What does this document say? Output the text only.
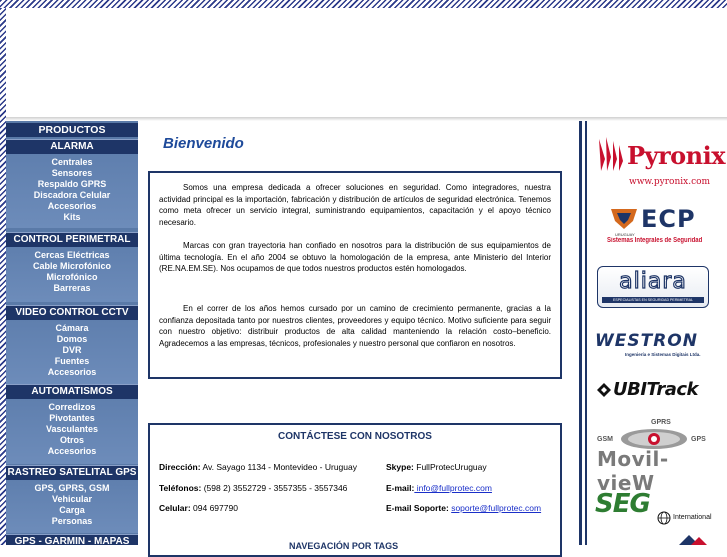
PRODUCTOS
ALARMA
Centrales
Sensores
Respaldo GPRS
Discadora Celular
Accesorios
Kits
CONTROL PERIMETRAL
Cercas Eléctricas
Cable Microfónico
Microfónico
Barreras
VIDEO CONTROL CCTV
Cámara
Domos
DVR
Fuentes
Accesorios
AUTOMATISMOS
Corredizos
Pivotantes
Vasculantes
Otros
Accesorios
RASTREO SATELITAL GPS
GPS, GPRS, GSM
Vehicular
Carga
Personas
GPS - GARMIN - MAPAS
Bienvenido

Somos una empresa dedicada a ofrecer soluciones en seguridad. Como integradores, nuestra actividad principal es la importación, fabricación y distribución de artículos de seguridad electrónica. Tenemos como meta ofrecer un servicio integral, suministrando equipamientos, capacitación y el apoyo técnico necesario.

Marcas con gran trayectoria han confiado en nosotros para la distribución de sus equipamientos de última tecnología. En el año 2004 se obtuvo la homologación de la empresa, ante Ministerio del Interior (RE.NA.EM.SE). Nos ocupamos de que todos nuestros productos estén homologados.

En el correr de los años hemos cursado por un camino de crecimiento permanente, gracias a la confianza depositada tanto por nuestros clientes, proveedores y equipo técnico. Motivo suficiente para seguir con nuestro objetivo: distribuir productos de alta calidad manteniendo la relación costo–beneficio. Agradecemos a las empresas, técnicos, profesionales y nuestro personal que confiaron en nosotros.

CONTÁCTESE CON NOSOTROS
Dirección: Av. Sayago 1134 - Montevideo - Uruguay	Skype: FullProtecUruguay
Teléfonos: (598 2) 3552729 - 3557355 - 3557346	E-mail: info@fullprotec.com
Celular: 094 697790	E-mail Soporte: soporte@fullprotec.com
NAVEGACIÓN POR TAGS
Pyronix
www.pyronix.com
ECP
URUGUAY
Sistemas Integrales de Seguridad
aliara
ESPECIALISTAS EN SEGURIDAD PERIMETRAL
WESTRON
Ingeniería e Sistemas Digitais Ltda.
UBITrack
GPRS
GSM	GPS
Movil-vieW
SEG	International
